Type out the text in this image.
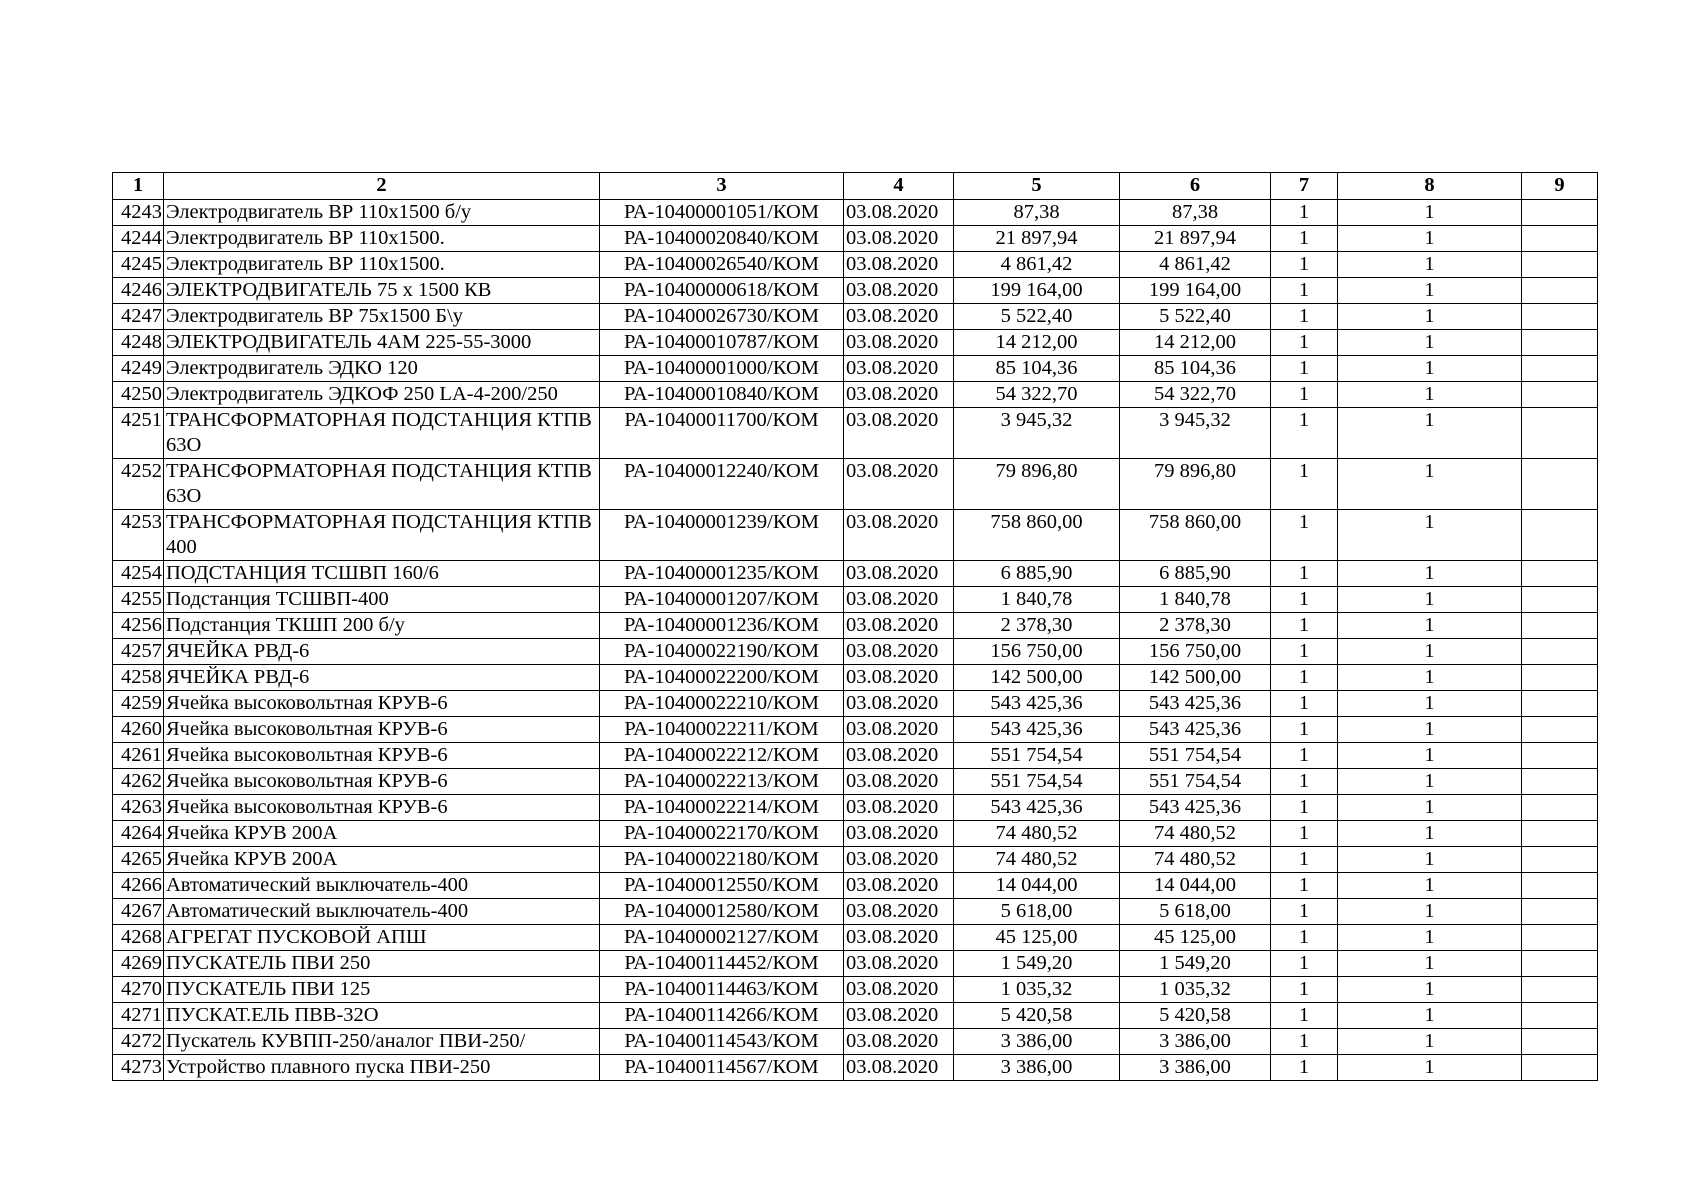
1	2	3	4	5	6	7	8	9
4243	Электродвигатель ВР 110х1500 б/у	РА-10400001051/КОМ	03.08.2020	87,38	87,38	1	1	
4244	Электродвигатель ВР 110х1500.	РА-10400020840/КОМ	03.08.2020	21 897,94	21 897,94	1	1	
4245	Электродвигатель ВР 110х1500.	РА-10400026540/КОМ	03.08.2020	4 861,42	4 861,42	1	1	
4246	ЭЛЕКТРОДВИГАТЕЛЬ 75 х 1500 КВ	РА-10400000618/КОМ	03.08.2020	199 164,00	199 164,00	1	1	
4247	Электродвигатель ВР 75х1500 Б\у	РА-10400026730/КОМ	03.08.2020	5 522,40	5 522,40	1	1	
4248	ЭЛЕКТРОДВИГАТЕЛЬ 4АМ 225-55-3000	РА-10400010787/КОМ	03.08.2020	14 212,00	14 212,00	1	1	
4249	Электродвигатель ЭДКО 120	РА-10400001000/КОМ	03.08.2020	85 104,36	85 104,36	1	1	
4250	Электродвигатель ЭДКОФ 250 LA-4-200/250	РА-10400010840/КОМ	03.08.2020	54 322,70	54 322,70	1	1	
4251	ТРАНСФОРМАТОРНАЯ ПОДСТАНЦИЯ КТПВ 63О	РА-10400011700/КОМ	03.08.2020	3 945,32	3 945,32	1	1	
4252	ТРАНСФОРМАТОРНАЯ ПОДСТАНЦИЯ КТПВ 63О	РА-10400012240/КОМ	03.08.2020	79 896,80	79 896,80	1	1	
4253	ТРАНСФОРМАТОРНАЯ ПОДСТАНЦИЯ КТПВ 400	РА-10400001239/КОМ	03.08.2020	758 860,00	758 860,00	1	1	
4254	ПОДСТАНЦИЯ ТСШВП 160/6	РА-10400001235/КОМ	03.08.2020	6 885,90	6 885,90	1	1	
4255	Подстанция ТСШВП-400	РА-10400001207/КОМ	03.08.2020	1 840,78	1 840,78	1	1	
4256	Подстанция ТКШП 200 б/у	РА-10400001236/КОМ	03.08.2020	2 378,30	2 378,30	1	1	
4257	ЯЧЕЙКА РВД-6	РА-10400022190/КОМ	03.08.2020	156 750,00	156 750,00	1	1	
4258	ЯЧЕЙКА РВД-6	РА-10400022200/КОМ	03.08.2020	142 500,00	142 500,00	1	1	
4259	Ячейка высоковольтная КРУВ-6	РА-10400022210/КОМ	03.08.2020	543 425,36	543 425,36	1	1	
4260	Ячейка высоковольтная КРУВ-6	РА-10400022211/КОМ	03.08.2020	543 425,36	543 425,36	1	1	
4261	Ячейка высоковольтная КРУВ-6	РА-10400022212/КОМ	03.08.2020	551 754,54	551 754,54	1	1	
4262	Ячейка высоковольтная КРУВ-6	РА-10400022213/КОМ	03.08.2020	551 754,54	551 754,54	1	1	
4263	Ячейка высоковольтная КРУВ-6	РА-10400022214/КОМ	03.08.2020	543 425,36	543 425,36	1	1	
4264	Ячейка КРУВ 200А	РА-10400022170/КОМ	03.08.2020	74 480,52	74 480,52	1	1	
4265	Ячейка КРУВ 200А	РА-10400022180/КОМ	03.08.2020	74 480,52	74 480,52	1	1	
4266	Автоматический выключатель-400	РА-10400012550/КОМ	03.08.2020	14 044,00	14 044,00	1	1	
4267	Автоматический выключатель-400	РА-10400012580/КОМ	03.08.2020	5 618,00	5 618,00	1	1	
4268	АГРЕГАТ ПУСКОВОЙ АПШ	РА-10400002127/КОМ	03.08.2020	45 125,00	45 125,00	1	1	
4269	ПУСКАТЕЛЬ ПВИ 250	РА-10400114452/КОМ	03.08.2020	1 549,20	1 549,20	1	1	
4270	ПУСКАТЕЛЬ ПВИ 125	РА-10400114463/КОМ	03.08.2020	1 035,32	1 035,32	1	1	
4271	ПУСКАТ.ЕЛЬ ПВВ-32О	РА-10400114266/КОМ	03.08.2020	5 420,58	5 420,58	1	1	
4272	Пускатель КУВПП-250/аналог ПВИ-250/	РА-10400114543/КОМ	03.08.2020	3 386,00	3 386,00	1	1	
4273	Устройство плавного пуска ПВИ-250	РА-10400114567/КОМ	03.08.2020	3 386,00	3 386,00	1	1	
